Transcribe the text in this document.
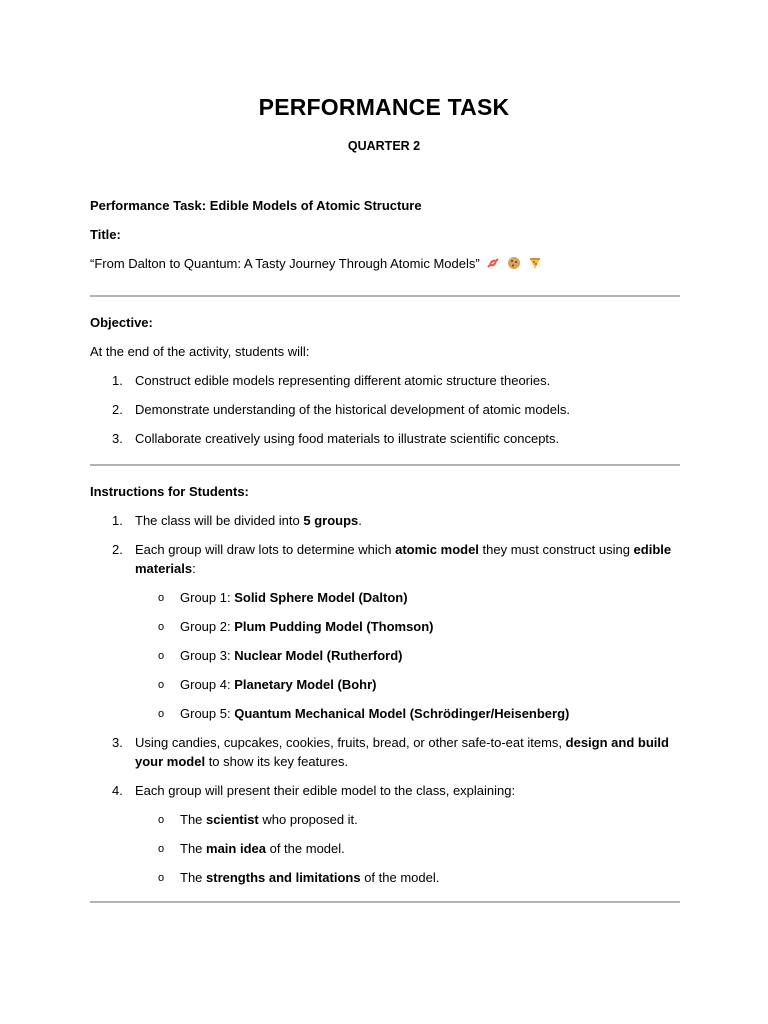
PERFORMANCE TASK
QUARTER 2

Performance Task: Edible Models of Atomic Structure

Title:

“From Dalton to Quantum: A Tasty Journey Through Atomic Models”

Objective:

At the end of the activity, students will:

1. Construct edible models representing different atomic structure theories.
2. Demonstrate understanding of the historical development of atomic models.
3. Collaborate creatively using food materials to illustrate scientific concepts.

Instructions for Students:

1. The class will be divided into 5 groups.
2. Each group will draw lots to determine which atomic model they must construct using edible materials:
o Group 1: Solid Sphere Model (Dalton)
o Group 2: Plum Pudding Model (Thomson)
o Group 3: Nuclear Model (Rutherford)
o Group 4: Planetary Model (Bohr)
o Group 5: Quantum Mechanical Model (Schrödinger/Heisenberg)
3. Using candies, cupcakes, cookies, fruits, bread, or other safe-to-eat items, design and build your model to show its key features.
4. Each group will present their edible model to the class, explaining:
o The scientist who proposed it.
o The main idea of the model.
o The strengths and limitations of the model.
